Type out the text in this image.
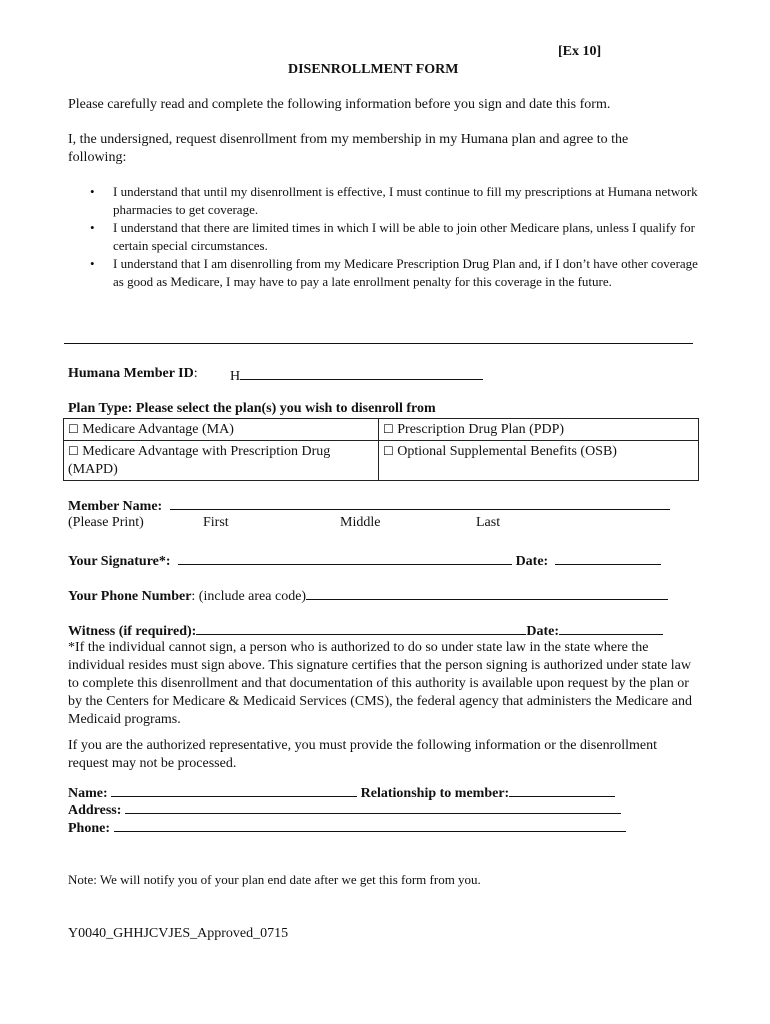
[Ex 10]
DISENROLLMENT FORM
Please carefully read and complete the following information before you sign and date this form.
I, the undersigned, request disenrollment from my membership in my Humana plan and agree to the following:
• I understand that until my disenrollment is effective, I must continue to fill my prescriptions at Humana network pharmacies to get coverage.
• I understand that there are limited times in which I will be able to join other Medicare plans, unless I qualify for certain special circumstances.
• I understand that I am disenrolling from my Medicare Prescription Drug Plan and, if I don’t have other coverage as good as Medicare, I may have to pay a late enrollment penalty for this coverage in the future.
Humana Member ID: H
Plan Type: Please select the plan(s) you wish to disenroll from
☐ Medicare Advantage (MA)	☐ Prescription Drug Plan (PDP)
☐ Medicare Advantage with Prescription Drug (MAPD)	☐ Optional Supplemental Benefits (OSB)
Member Name:
(Please Print)	First	Middle	Last
Your Signature*:	Date:
Your Phone Number: (include area code)
Witness (if required):	Date:
*If the individual cannot sign, a person who is authorized to do so under state law in the state where the individual resides must sign above. This signature certifies that the person signing is authorized under state law to complete this disenrollment and that documentation of this authority is available upon request by the plan or by the Centers for Medicare & Medicaid Services (CMS), the federal agency that administers the Medicare and Medicaid programs.
If you are the authorized representative, you must provide the following information or the disenrollment request may not be processed.
Name:	Relationship to member:
Address:
Phone:
Note: We will notify you of your plan end date after we get this form from you.
Y0040_GHHJCVJES_Approved_0715
